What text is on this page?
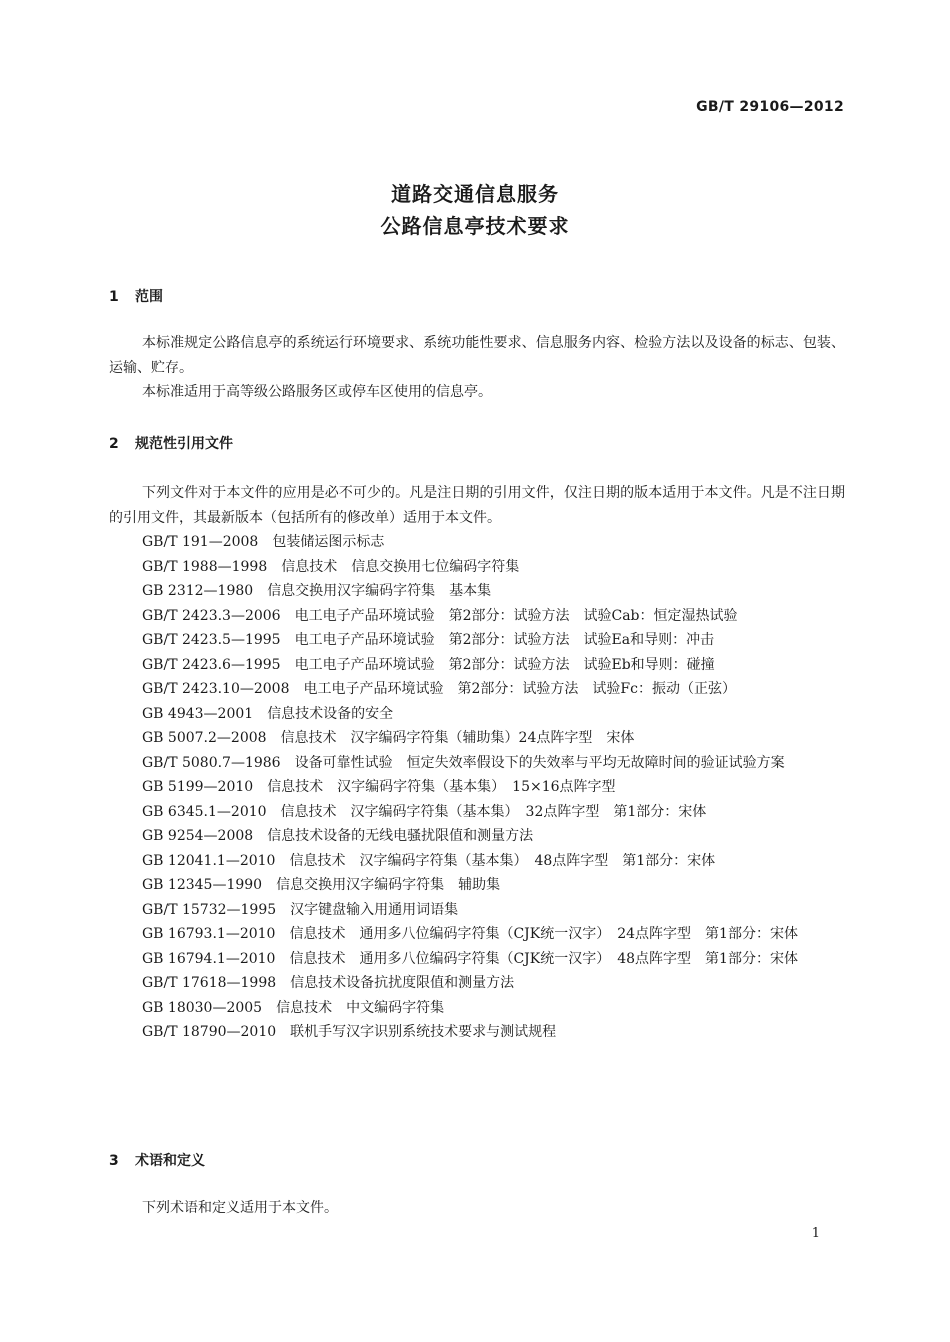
GB/T 29106—2012
道路交通信息服务
公路信息亭技术要求
1 范围

本标准规定公路信息亭的系统运行环境要求、系统功能性要求、信息服务内容、检验方法以及设备的标志、包装、运输、贮存。

本标准适用于高等级公路服务区或停车区使用的信息亭。

2 规范性引用文件

下列文件对于本文件的应用是必不可少的。凡是注日期的引用文件，仅注日期的版本适用于本文件。凡是不注日期的引用文件，其最新版本（包括所有的修改单）适用于本文件。

GB/T 191—2008 包装储运图示标志
GB/T 1988—1998 信息技术　信息交换用七位编码字符集
GB 2312—1980 信息交换用汉字编码字符集　基本集
GB/T 2423.3—2006 电工电子产品环境试验　第2部分：试验方法　试验Cab：恒定湿热试验
GB/T 2423.5—1995 电工电子产品环境试验　第2部分：试验方法　试验Ea和导则：冲击
GB/T 2423.6—1995 电工电子产品环境试验　第2部分：试验方法　试验Eb和导则：碰撞
GB/T 2423.10—2008 电工电子产品环境试验　第2部分：试验方法　试验Fc：振动（正弦）
GB 4943—2001 信息技术设备的安全
GB 5007.2—2008 信息技术　汉字编码字符集（辅助集）24点阵字型　宋体
GB/T 5080.7—1986 设备可靠性试验　恒定失效率假设下的失效率与平均无故障时间的验证试验方案
GB 5199—2010 信息技术　汉字编码字符集（基本集）　15×16点阵字型
GB 6345.1—2010 信息技术　汉字编码字符集（基本集）　32点阵字型　第1部分：宋体
GB 9254—2008 信息技术设备的无线电骚扰限值和测量方法
GB 12041.1—2010 信息技术　汉字编码字符集（基本集）　48点阵字型　第1部分：宋体
GB 12345—1990 信息交换用汉字编码字符集　辅助集
GB/T 15732—1995 汉字键盘输入用通用词语集
GB 16793.1—2010 信息技术　通用多八位编码字符集（CJK统一汉字）　24点阵字型　第1部分：宋体
GB 16794.1—2010 信息技术　通用多八位编码字符集（CJK统一汉字）　48点阵字型　第1部分：宋体
GB/T 17618—1998 信息技术设备抗扰度限值和测量方法
GB 18030—2005 信息技术　中文编码字符集
GB/T 18790—2010 联机手写汉字识别系统技术要求与测试规程
3 术语和定义

下列术语和定义适用于本文件。

1
